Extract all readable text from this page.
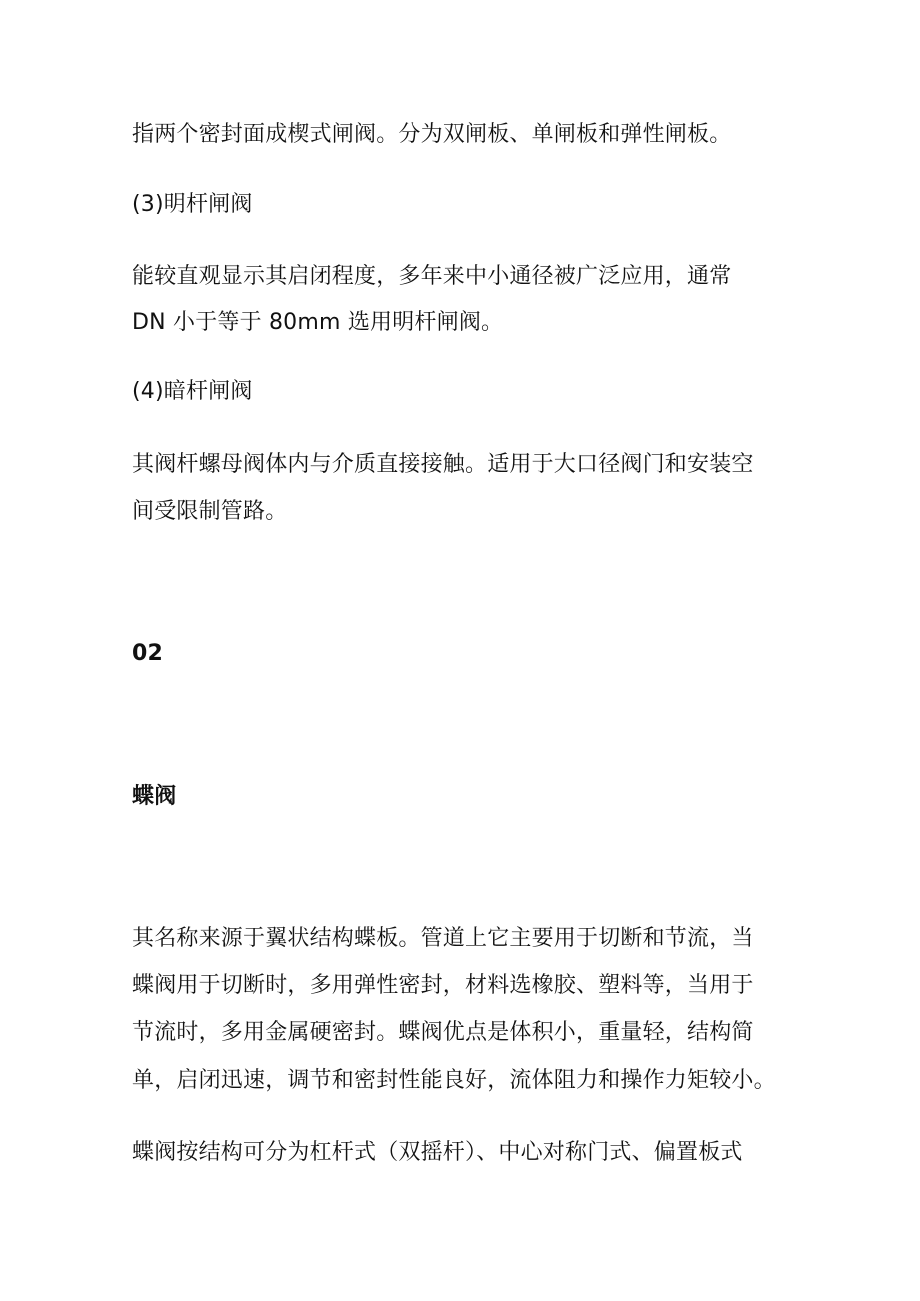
指两个密封面成楔式闸阀。分为双闸板、单闸板和弹性闸板。
(3)明杆闸阀
能较直观显示其启闭程度，多年来中小通径被广泛应用，通常
DN 小于等于 80mm 选用明杆闸阀。
(4)暗杆闸阀
其阀杆螺母阀体内与介质直接接触。适用于大口径阀门和安装空
间受限制管路。
02
蝶阀
其名称来源于翼状结构蝶板。管道上它主要用于切断和节流，当
蝶阀用于切断时，多用弹性密封，材料选橡胶、塑料等，当用于
节流时，多用金属硬密封。蝶阀优点是体积小，重量轻，结构简
单，启闭迅速，调节和密封性能良好，流体阻力和操作力矩较小。
蝶阀按结构可分为杠杆式（双摇杆）、中心对称门式、偏置板式
